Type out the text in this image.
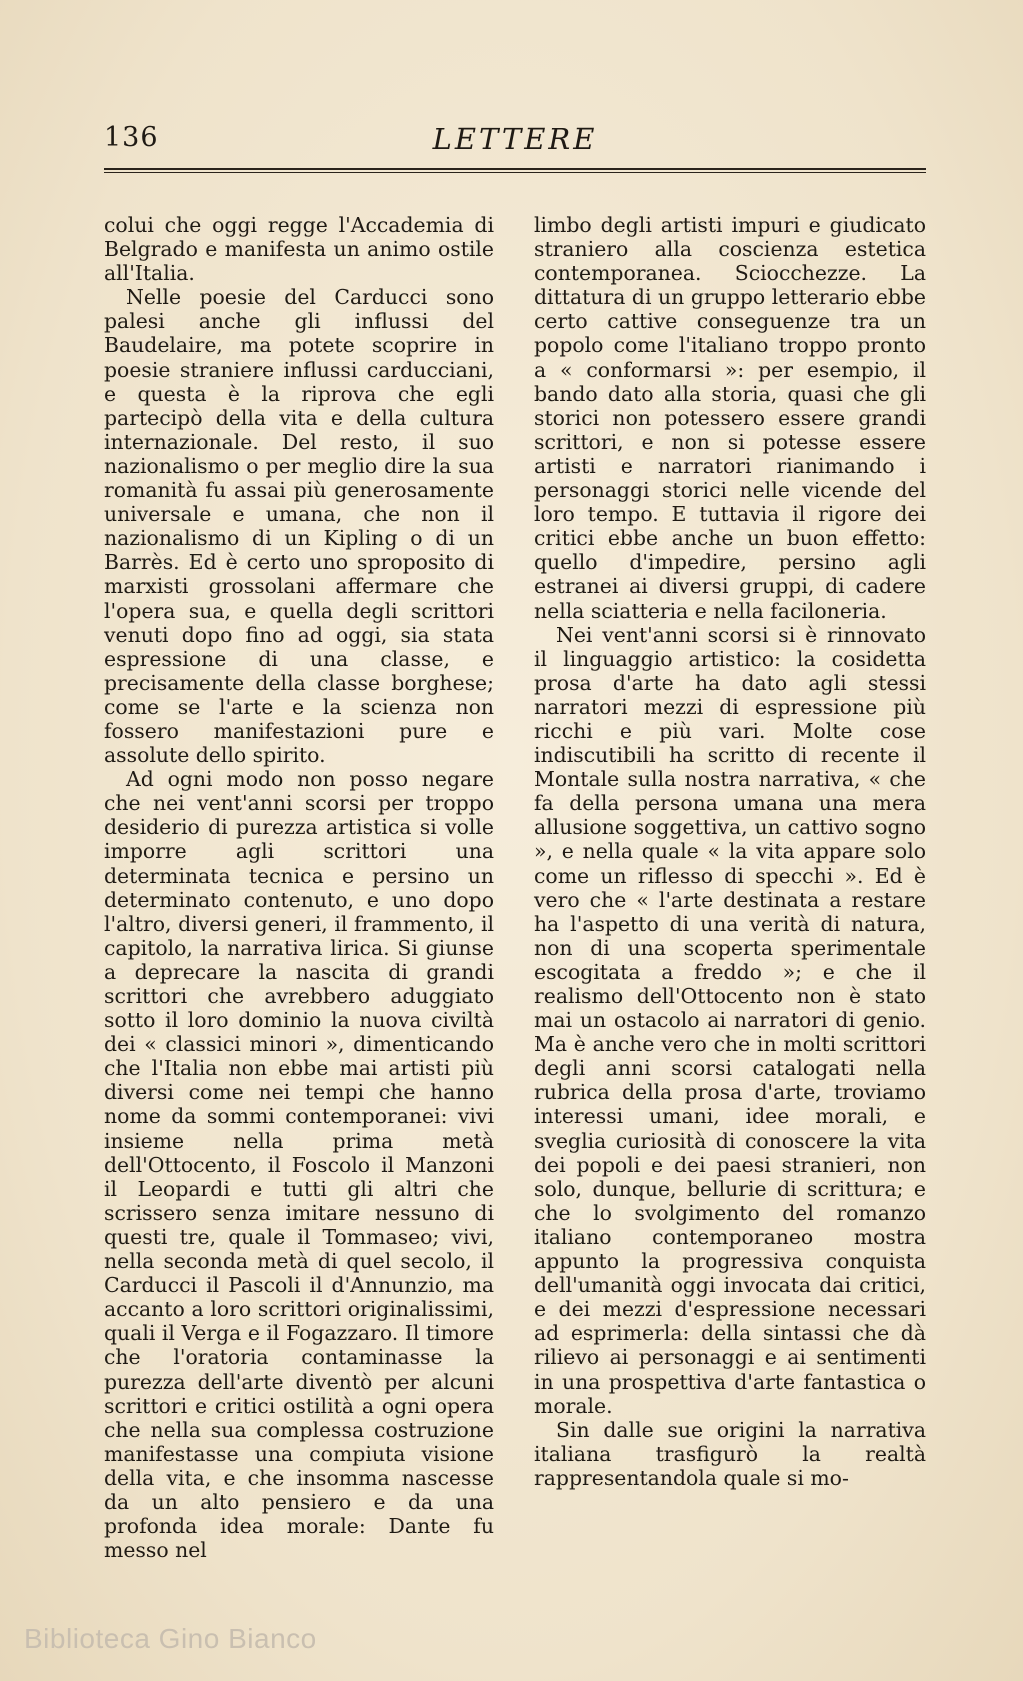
136	LETTERE

colui che oggi regge l'Accademia di Belgrado e manifesta un animo ostile all'Italia.

Nelle poesie del Carducci sono palesi anche gli influssi del Baudelaire, ma potete scoprire in poesie straniere influssi carducciani, e questa è la riprova che egli partecipò della vita e della cultura internazionale. Del resto, il suo nazionalismo o per meglio dire la sua romanità fu assai più generosamente universale e umana, che non il nazionalismo di un Kipling o di un Barrès. Ed è certo uno sproposito di marxisti grossolani affermare che l'opera sua, e quella degli scrittori venuti dopo fino ad oggi, sia stata espressione di una classe, e precisamente della classe borghese; come se l'arte e la scienza non fossero manifestazioni pure e assolute dello spirito.

Ad ogni modo non posso negare che nei vent'anni scorsi per troppo desiderio di purezza artistica si volle imporre agli scrittori una determinata tecnica e persino un determinato contenuto, e uno dopo l'altro, diversi generi, il frammento, il capitolo, la narrativa lirica. Si giunse a deprecare la nascita di grandi scrittori che avrebbero aduggiato sotto il loro dominio la nuova civiltà dei « classici minori », dimenticando che l'Italia non ebbe mai artisti più diversi come nei tempi che hanno nome da sommi contemporanei: vivi insieme nella prima metà dell'Ottocento, il Foscolo il Manzoni il Leopardi e tutti gli altri che scrissero senza imitare nessuno di questi tre, quale il Tommaseo; vivi, nella seconda metà di quel secolo, il Carducci il Pascoli il d'Annunzio, ma accanto a loro scrittori originalissimi, quali il Verga e il Fogazzaro. Il timore che l'oratoria contaminasse la purezza dell'arte diventò per alcuni scrittori e critici ostilità a ogni opera che nella sua complessa costruzione manifestasse una compiuta visione della vita, e che insomma nascesse da un alto pensiero e da una profonda idea morale: Dante fu messo nel

limbo degli artisti impuri e giudicato straniero alla coscienza estetica contemporanea. Sciocchezze. La dittatura di un gruppo letterario ebbe certo cattive conseguenze tra un popolo come l'italiano troppo pronto a « conformarsi »: per esempio, il bando dato alla storia, quasi che gli storici non potessero essere grandi scrittori, e non si potesse essere artisti e narratori rianimando i personaggi storici nelle vicende del loro tempo. E tuttavia il rigore dei critici ebbe anche un buon effetto: quello d'impedire, persino agli estranei ai diversi gruppi, di cadere nella sciatteria e nella faciloneria.

Nei vent'anni scorsi si è rinnovato il linguaggio artistico: la cosidetta prosa d'arte ha dato agli stessi narratori mezzi di espressione più ricchi e più vari. Molte cose indiscutibili ha scritto di recente il Montale sulla nostra narrativa, « che fa della persona umana una mera allusione soggettiva, un cattivo sogno », e nella quale « la vita appare solo come un riflesso di specchi ». Ed è vero che « l'arte destinata a restare ha l'aspetto di una verità di natura, non di una scoperta sperimentale escogitata a freddo »; e che il realismo dell'Ottocento non è stato mai un ostacolo ai narratori di genio. Ma è anche vero che in molti scrittori degli anni scorsi catalogati nella rubrica della prosa d'arte, troviamo interessi umani, idee morali, e sveglia curiosità di conoscere la vita dei popoli e dei paesi stranieri, non solo, dunque, bellurie di scrittura; e che lo svolgimento del romanzo italiano contemporaneo mostra appunto la progressiva conquista dell'umanità oggi invocata dai critici, e dei mezzi d'espressione necessari ad esprimerla: della sintassi che dà rilievo ai personaggi e ai sentimenti in una prospettiva d'arte fantastica o morale.

Sin dalle sue origini la narrativa italiana trasfigurò la realtà rappresentandola quale si mo-

Biblioteca Gino Bianco
